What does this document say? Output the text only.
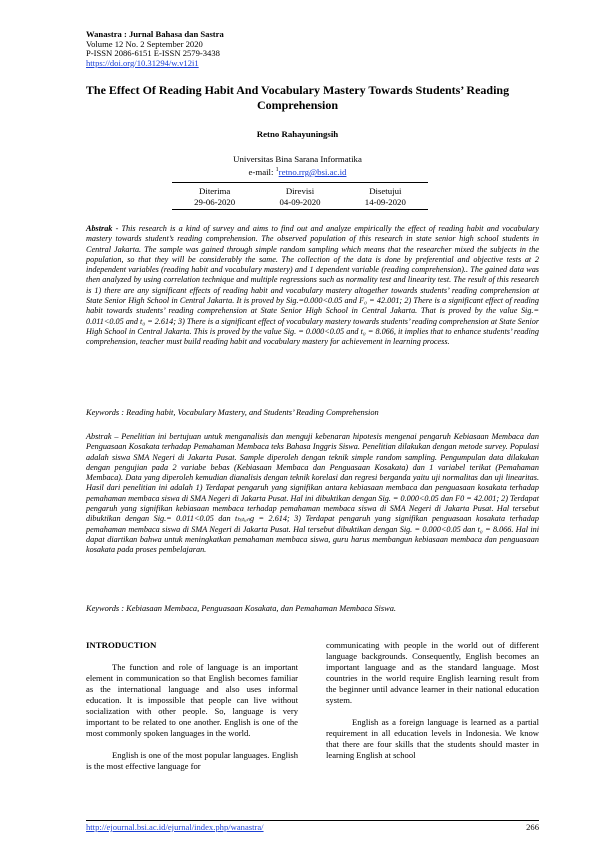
Wanastra : Jurnal Bahasa dan Sastra
Volume 12 No. 2 September 2020
P-ISSN 2086-6151 E-ISSN 2579-3438
https://doi.org/10.31294/w.v12i1
The Effect Of Reading Habit And Vocabulary Mastery Towards Students’ Reading Comprehension
Retno Rahayuningsih
Universitas Bina Sarana Informatika
e-mail: $^1$retno.rrg@bsi.ac.id
Diterima
29-06-2020
Direvisi
04-09-2020
Disetujui
14-09-2020
Abstrak - This research is a kind of survey and aims to find out and analyze empirically the effect of reading habit and vocabulary mastery towards student’s reading comprehension. The observed population of this research in state senior high school students in Central Jakarta. The sample was gained through simple random sampling which means that the researcher mixed the subjects in the population, so that they will be considerably the same. The collection of the data is done by preferential and objective tests at 2 independent variables (reading habit and vocabulary mastery) and 1 dependent variable (reading comprehension).. The gained data was then analyzed by using correlation technique and multiple regressions such as normality test and linearity test. The result of this research is 1) there are any significant effects of reading habit and vocabulary mastery altogether towards students’ reading comprehension at State Senior High School in Central Jakarta. It is proved by Sig.=0.000<0.05 and F₀ = 42.001; 2) There is a significant effect of reading habit towards students’ reading comprehension at State Senior High School in Central Jakarta. That is proved by the value Sig.= 0.011<0.05 and t₀ = 2.614; 3) There is a significant effect of vocabulary mastery towards students’ reading comprehension at State Senior High School in Central Jakarta. This is proved by the value Sig. = 0.000<0.05 and t₀ = 8.066, it implies that to enhance students’ reading comprehension, teacher must build reading habit and vocabulary mastery for achievement in learning process.
Keywords : Reading habit, Vocabulary Mastery, and Students’ Reading Comprehension
Abstrak – Penelitian ini bertujuan untuk menganalisis dan menguji kebenaran hipotesis mengenai pengaruh Kebiasaan Membaca dan Penguasaan Kosakata terhadap Pemahaman Membaca teks Bahasa Inggris Siswa. Penelitian dilakukan dengan metode survey. Populasi adalah siswa SMA Negeri di Jakarta Pusat. Sample diperoleh dengan teknik simple random sampling. Pengumpulan data dilakukan dengan pengujian pada 2 variabe bebas (Kebiasaan Membaca dan Penguasaan Kosakata) dan 1 variabel terikat (Pemahaman Membaca). Data yang diperoleh kemudian dianalisis dengan teknik korelasi dan regresi berganda yaitu uji normalitas dan uji linearitas. Hasil dari penelitian ini adalah 1) Terdapat pengaruh yang signifikan antara kebiasaan membaca dan penguasaan kosakata terhadap pemahaman membaca siswa di SMA Negeri di Jakarta Pusat. Hal ini dibuktikan dengan Sig. = 0.000<0.05 dan F0 = 42.001; 2) Terdapat pengaruh yang signifikan kebiasaan membaca terhadap pemahaman membaca siswa di SMA Negeri di Jakarta Pusat. Hal tersebut dibuktikan dengan Sig.= 0.011<0.05 dan tₕᵢₜᵤₙg = 2.614; 3) Terdapat pengaruh yang signifikan penguasaan kosakata terhadap pemahaman membaca siswa di SMA Negeri di Jakarta Pusat. Hal tersebut dibuktikan dengan Sig. = 0.000<0.05 dan t₀ = 8.066. Hal ini dapat diartikan bahwa untuk meningkatkan pemahaman membaca siswa, guru harus membangun kebiasaan membaca dan penguasaan kosakata pada proses pembelajaran.
Keywords : Kebiasaan Membaca, Penguasaan Kosakata, dan Pemahaman Membaca Siswa.
INTRODUCTION

The function and role of language is an important element in communication so that English becomes familiar as the international language and also uses informal education. It is impossible that people can live without socialization with other people. So, language is very important to be related to one another. English is one of the most commonly spoken languages in the world.

English is one of the most popular languages. English is the most effective language for

communicating with people in the world out of different language backgrounds. Consequently, English becomes an important language and as the standard language. Most countries in the world require English learning result from the beginner until advance learner in their national education system.

English as a foreign language is learned as a partial requirement in all education levels in Indonesia. We know that there are four skills that the students should master in learning English at school

http://ejournal.bsi.ac.id/ejurnal/index.php/wanastra/	266
